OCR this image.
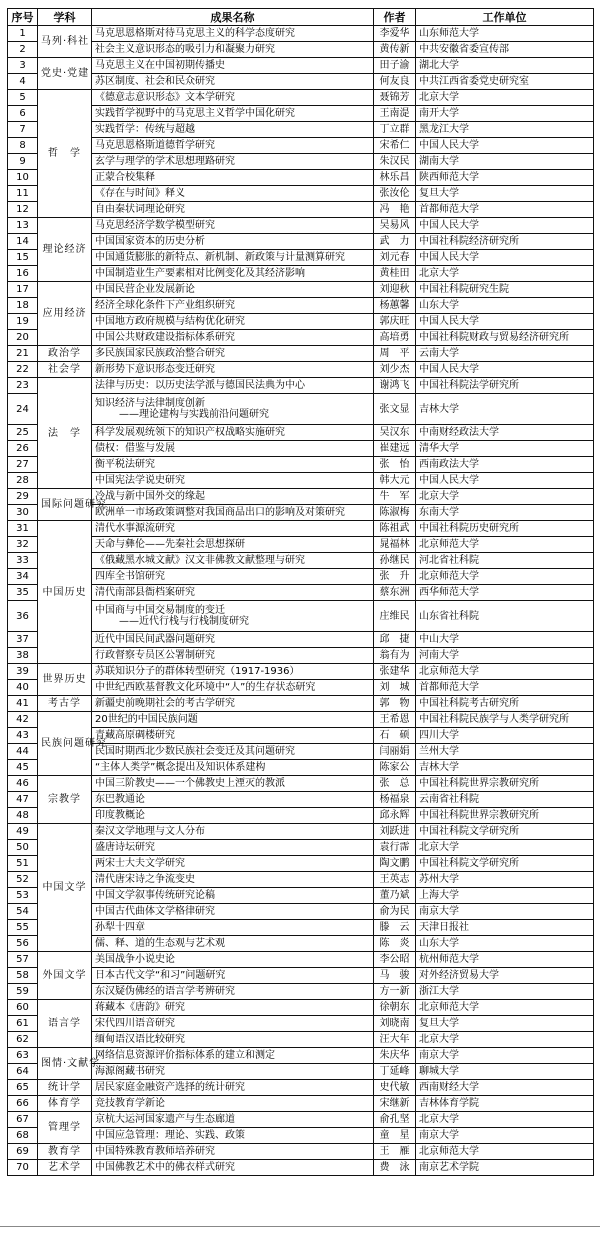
序号	学科	成果名称	作者	工作单位
1	马列·科社	马克思恩格斯对待马克思主义的科学态度研究	李爱华	山东师范大学
2		社会主义意识形态的吸引力和凝聚力研究	黄传新	中共安徽省委宣传部
3	党史·党建	马克思主义在中国初期传播史	田子渝	湖北大学
4		苏区制度、社会和民众研究	何友良	中共江西省委党史研究室
5	哲　学	《德意志意识形态》文本学研究	聂锦芳	北京大学
6		实践哲学视野中的马克思主义哲学中国化研究	王南湜	南开大学
7		实践哲学：传统与超越	丁立群	黑龙江大学
8		马克思恩格斯道德哲学研究	宋希仁	中国人民大学
9		玄学与理学的学术思想理路研究	朱汉民	湖南大学
10		正蒙合校集释	林乐昌	陕西师范大学
11		《存在与时间》释义	张汝伦	复旦大学
12		自由秦状词理论研究	冯　艳	首都师范大学
13	理论经济	马克思经济学数学模型研究	吴易风	中国人民大学
14		中国国家资本的历史分析	武　力	中国社科院经济研究所
15		中国通货膨胀的新特点、新机制、新政策与计量测算研究	刘元春	中国人民大学
16		中国制造业生产要素相对比例变化及其经济影响	黄桂田	北京大学
17	应用经济	中国民营企业发展新论	刘迎秋	中国社科院研究生院
18		经济全球化条件下产业组织研究	杨蕙馨	山东大学
19		中国地方政府规模与结构优化研究	郭庆旺	中国人民大学
20		中国公共财政建设指标体系研究	高培勇	中国社科院财政与贸易经济研究所
21	政治学	多民族国家民族政治整合研究	周　平	云南大学
22	社会学	新形势下意识形态变迁研究	刘少杰	中国人民大学
23	法　学	法律与历史：以历史法学派与德国民法典为中心	谢鸿飞	中国社科院法学研究所
24		知识经济与法律制度创新
——理论建构与实践前沿问题研究	张文显	吉林大学
25		科学发展观统领下的知识产权战略实施研究	吴汉东	中南财经政法大学
26		债权：借鉴与发展	崔建远	清华大学
27		衡平税法研究	张　怡	西南政法大学
28		中国宪法学说史研究	韩大元	中国人民大学
29	国际问题研究	冷战与新中国外交的缘起	牛　军	北京大学
30		欧洲单一市场政策调整对我国商品出口的影响及对策研究	陈淑梅	东南大学
31	中国历史	清代水事源流研究	陈祖武	中国社科院历史研究所
32		天命与彝伦——先秦社会思想探研	晁福林	北京师范大学
33		《俄藏黑水城文献》汉文非佛教文献整理与研究	孙继民	河北省社科院
34		四库全书馆研究	张　升	北京师范大学
35		清代南部县衙档案研究	蔡东洲	西华师范大学
36		中国商与中国交易制度的变迁
——近代行栈与行栈制度研究	庄维民	山东省社科院
37		近代中国民间武器问题研究	邱　捷	中山大学
38		行政督察专员区公署制研究	翁有为	河南大学
39	世界历史	苏联知识分子的群体转型研究（1917-1936）	张建华	北京师范大学
40		中世纪西欧基督教文化环境中“人”的生存状态研究	刘　城	首都师范大学
41	考古学	新疆史前晚期社会的考古学研究	郭　物	中国社科院考古研究所
42	民族问题研究	20世纪的中国民族问题	王希恩	中国社科院民族学与人类学研究所
43		青藏高原碉楼研究	石　硕	四川大学
44		民国时期西北少数民族社会变迁及其问题研究	闫丽娟	兰州大学
45		“主体人类学”概念提出及知识体系建构	陈家公	吉林大学
46	宗教学	中国三阶教史——一个佛教史上湮灭的教派	张　总	中国社科院世界宗教研究所
47		东巴教通论	杨福泉	云南省社科院
48		印度教概论	邱永辉	中国社科院世界宗教研究所
49	中国文学	秦汉文学地理与文人分布	刘跃进	中国社科院文学研究所
50		盛唐诗坛研究	袁行霈	北京大学
51		两宋士大夫文学研究	陶文鹏	中国社科院文学研究所
52		清代唐宋诗之争流变史	王英志	苏州大学
53		中国文学叙事传统研究论稿	董乃斌	上海大学
54		中国古代曲体文学格律研究	俞为民	南京大学
55		孙犁十四章	滕　云	天津日报社
56		儒、释、道的生态观与艺术观	陈　炎	山东大学
57	外国文学	美国战争小说史论	李公昭	杭州师范大学
58		日本古代文学“和习”问题研究	马　骏	对外经济贸易大学
59		东汉疑伪佛经的语言学考辨研究	方一新	浙江大学
60	语言学	蒋藏本《唐韵》研究	徐朝东	北京师范大学
61		宋代四川语音研究	刘晓南	复旦大学
62		缅甸语汉语比较研究	汪大年	北京大学
63	图情·文献学	网络信息资源评价指标体系的建立和测定	朱庆华	南京大学
64		海源阁藏书研究	丁延峰	聊城大学
65	统计学	居民家庭金融资产选择的统计研究	史代敏	西南财经大学
66	体育学	竞技教育学新论	宋继新	吉林体育学院
67	管理学	京杭大运河国家遗产与生态廊道	俞孔坚	北京大学
68		中国应急管理：理论、实践、政策	童　星	南京大学
69	教育学	中国特殊教育教师培养研究	王　雁	北京师范大学
70	艺术学	中国佛教艺术中的佛衣样式研究	费　泳	南京艺术学院
